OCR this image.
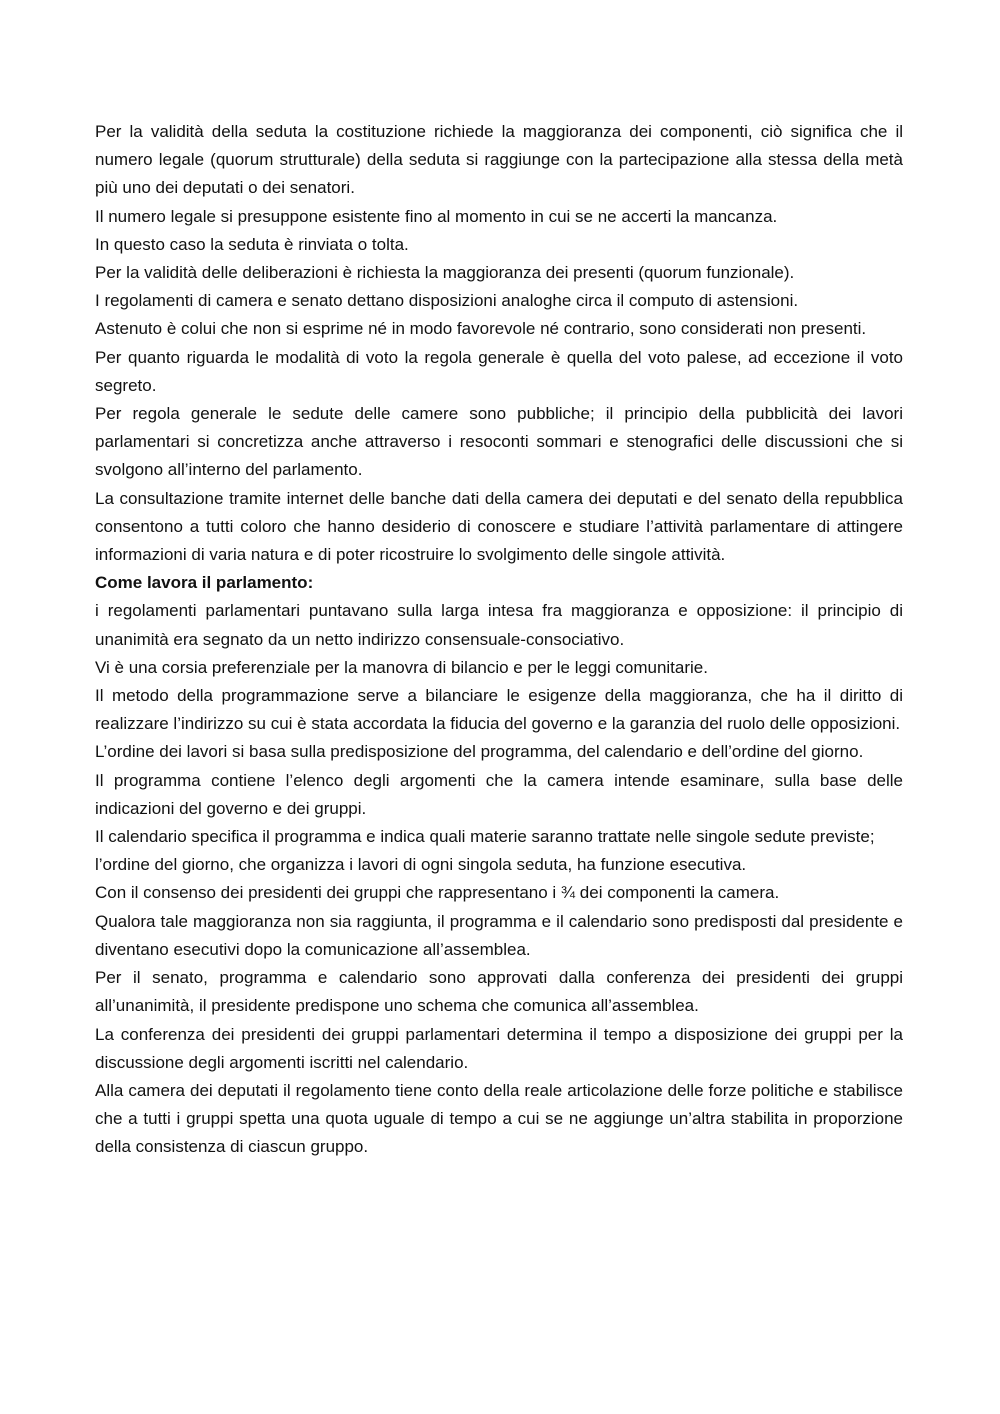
Per la validità della seduta la costituzione richiede la maggioranza dei componenti, ciò significa che il numero legale (quorum strutturale) della seduta si raggiunge con la partecipazione alla stessa della metà più uno dei deputati o dei senatori.

Il numero legale si presuppone esistente fino al momento in cui se ne accerti la mancanza.

In questo caso la seduta è rinviata o tolta.

Per la validità delle deliberazioni è richiesta la maggioranza dei presenti (quorum funzionale).

I regolamenti di camera e senato dettano disposizioni analoghe circa il computo di astensioni.

Astenuto è colui che non si esprime né in modo favorevole né contrario, sono considerati non presenti.

Per quanto riguarda le modalità di voto la regola generale è quella del voto palese, ad eccezione il voto segreto.

Per regola generale le sedute delle camere sono pubbliche; il principio della pubblicità dei lavori parlamentari si concretizza anche attraverso i resoconti sommari e stenografici delle discussioni che si svolgono all’interno del parlamento.

La consultazione tramite internet delle banche dati della camera dei deputati e del senato della repubblica consentono a tutti coloro che hanno desiderio di conoscere e studiare l’attività parlamentare di attingere informazioni di varia natura e di poter ricostruire lo svolgimento delle singole attività.

Come lavora il parlamento:

i regolamenti parlamentari puntavano sulla larga intesa fra maggioranza e opposizione: il principio di unanimità era segnato da un netto indirizzo consensuale-consociativo.

Vi è una corsia preferenziale per la manovra di bilancio e per le leggi comunitarie.

Il metodo della programmazione serve a bilanciare le esigenze della maggioranza, che ha il diritto di realizzare l’indirizzo su cui è stata accordata la fiducia del governo e la garanzia del ruolo delle opposizioni.

L’ordine dei lavori si basa sulla predisposizione del programma, del calendario e dell’ordine del giorno.

Il programma contiene l’elenco degli argomenti che la camera intende esaminare, sulla base delle indicazioni del governo e dei gruppi.

Il calendario specifica il programma e indica quali materie saranno trattate nelle singole sedute previste;

l’ordine del giorno, che organizza i lavori di ogni singola seduta, ha funzione esecutiva.

Con il consenso dei presidenti dei gruppi che rappresentano i ¾ dei componenti la camera.

Qualora tale maggioranza non sia raggiunta, il programma e il calendario sono predisposti dal presidente e diventano esecutivi dopo la comunicazione all’assemblea.

Per il senato, programma e calendario sono approvati dalla conferenza dei presidenti dei gruppi all’unanimità, il presidente predispone uno schema che comunica all’assemblea.

La conferenza dei presidenti dei gruppi parlamentari determina il tempo a disposizione dei gruppi per la discussione degli argomenti iscritti nel calendario.

Alla camera dei deputati il regolamento tiene conto della reale articolazione delle forze politiche e stabilisce che a tutti i gruppi spetta una quota uguale di tempo a cui se ne aggiunge un’altra stabilita in proporzione della consistenza di ciascun gruppo.
